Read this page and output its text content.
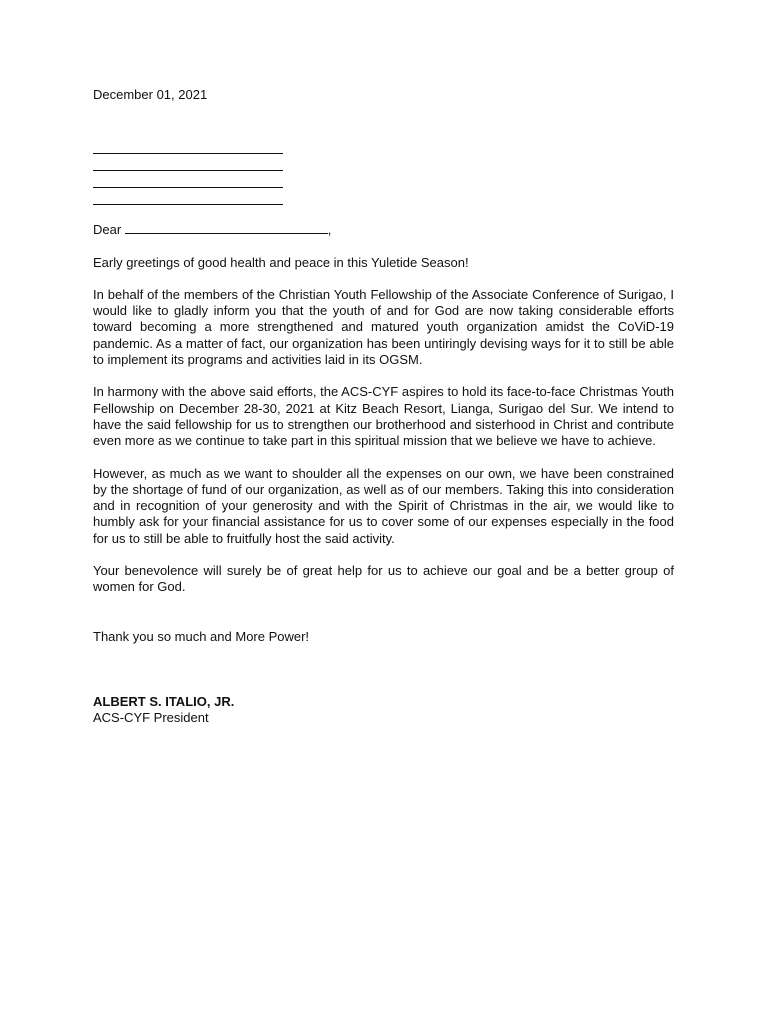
December 01, 2021

Dear	,

Early greetings of good health and peace in this Yuletide Season!

In behalf of the members of the Christian Youth Fellowship of the Associate Conference of Surigao, I would like to gladly inform you that the youth of and for God are now taking considerable efforts toward becoming a more strengthened and matured youth organization amidst the CoViD-19 pandemic. As a matter of fact, our organization has been untiringly devising ways for it to still be able to implement its programs and activities laid in its OGSM.

In harmony with the above said efforts, the ACS-CYF aspires to hold its face-to-face Christmas Youth Fellowship on December 28-30, 2021 at Kitz Beach Resort, Lianga, Surigao del Sur. We intend to have the said fellowship for us to strengthen our brotherhood and sisterhood in Christ and contribute even more as we continue to take part in this spiritual mission that we believe we have to achieve.

However, as much as we want to shoulder all the expenses on our own, we have been constrained by the shortage of fund of our organization, as well as of our members. Taking this into consideration and in recognition of your generosity and with the Spirit of Christmas in the air, we would like to humbly ask for your financial assistance for us to cover some of our expenses especially in the food for us to still be able to fruitfully host the said activity.

Your benevolence will surely be of great help for us to achieve our goal and be a better group of women for God.

Thank you so much and More Power!

ALBERT S. ITALIO, JR.

ACS-CYF President
